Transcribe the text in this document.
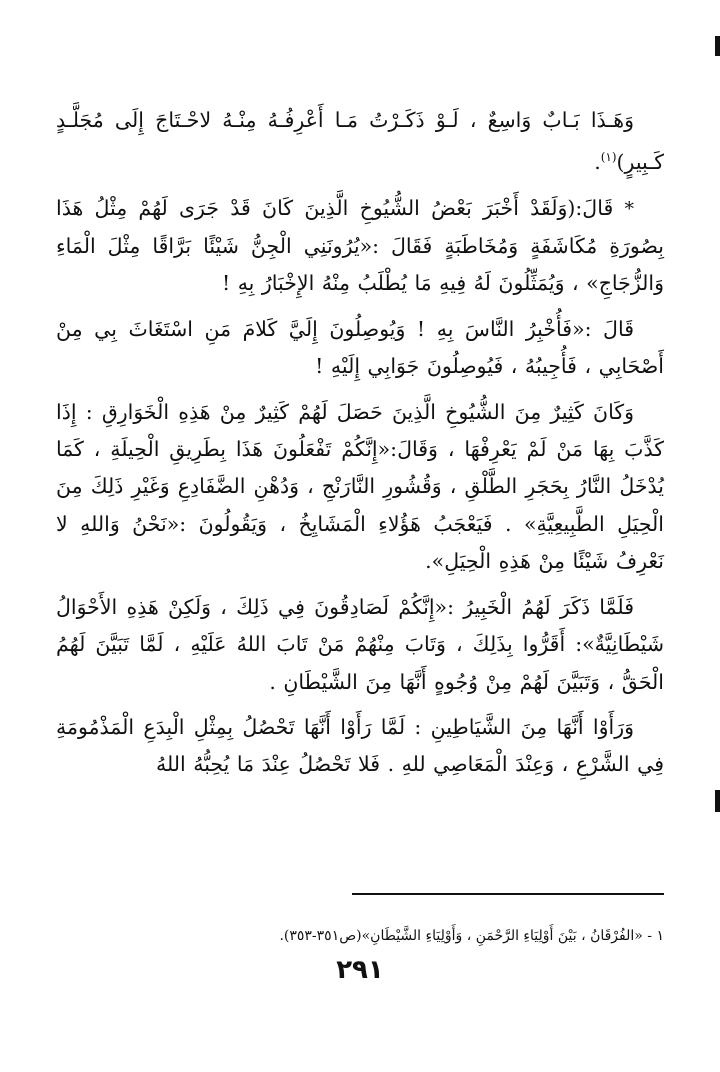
وَهَـذَا بَـابٌ وَاسِعٌ ، لَـوْ ذَكَـرْتُ مَـا أَعْرِفُـهُ مِنْـهُ لاحْـتَاجَ إِلَى مُجَلَّـدٍ كَـبِيرٍ)$^{(١)}$.

* قَالَ:(وَلَقَدْ أَخْبَرَ بَعْضُ الشُّيُوخِ الَّذِينَ كَانَ قَدْ جَرَى لَهُمْ مِثْلُ هَذَا بِصُورَةِ مُكَاشَفَةٍ وَمُخَاطَبَةٍ فَقَالَ :«يُرُونَنِي الْجِنُّ شَيْئًا بَرَّاقًا مِثْلَ الْمَاءِ وَالزُّجَاجِ» ، وَيُمَثِّلُونَ لَهُ فِيهِ مَا يُطْلَبُ مِنْهُ الإِخْبَارُ بِهِ !

قَالَ :«فَأُخْبِرُ النَّاسَ بِهِ ! وَيُوصِلُونَ إِلَيَّ كَلامَ مَنِ اسْتَغَاثَ بِي مِنْ أَصْحَابِي ، فَأُجِيبُهُ ، فَيُوصِلُونَ جَوَابِي إِلَيْهِ !

وَكَانَ كَثِيرٌ مِنَ الشُّيُوخِ الَّذِينَ حَصَلَ لَهُمْ كَثِيرٌ مِنْ هَذِهِ الْخَوَارِقِ : إِذَا كَذَّبَ بِهَا مَنْ لَمْ يَعْرِفْهَا ، وَقَالَ:«إِنَّكُمْ تَفْعَلُونَ هَذَا بِطَرِيقِ الْحِيلَةِ ، كَمَا يُدْخَلُ النَّارُ بِحَجَرِ الطَّلْقِ ، وَقُشُورِ النَّارَنْجِ ، وَدُهْنِ الضَّفَادِعِ وَغَيْرِ ذَلِكَ مِنَ الْحِيَلِ الطَّبِيعِيَّةِ» . فَيَعْجَبُ هَؤُلاءِ الْمَشَايِخُ ، وَيَقُولُونَ :«نَحْنُ وَاللهِ لا نَعْرِفُ شَيْئًا مِنْ هَذِهِ الْحِيَلِ».

فَلَمَّا ذَكَرَ لَهُمُ الْخَبِيرُ :«إِنَّكُمْ لَصَادِقُونَ فِي ذَلِكَ ، وَلَكِنْ هَذِهِ الأَحْوَالُ شَيْطَانِيَّةٌ»: أَقَرُّوا بِذَلِكَ ، وَتَابَ مِنْهُمْ مَنْ تَابَ اللهُ عَلَيْهِ ، لَمَّا تَبَيَّنَ لَهُمُ الْحَقُّ ، وَتَبَيَّنَ لَهُمْ مِنْ وُجُوهٍ أَنَّهَا مِنَ الشَّيْطَانِ .

وَرَأَوْا أَنَّهَا مِنَ الشَّيَاطِينِ : لَمَّا رَأَوْا أَنَّهَا تَحْصُلُ بِمِثْلِ الْبِدَعِ الْمَذْمُومَةِ فِي الشَّرْعِ ، وَعِنْدَ الْمَعَاصِي للهِ . فَلا تَحْصُلُ عِنْدَ مَا يُحِبُّهُ اللهُ

١ - «الفُرْقَانُ ، بَيْنَ أَوْلِيَاءِ الرَّحْمَنِ ، وَأَوْلِيَاءِ الشَّيْطَانِ»(ص٣٥١-٣٥٣).
٢٩١
